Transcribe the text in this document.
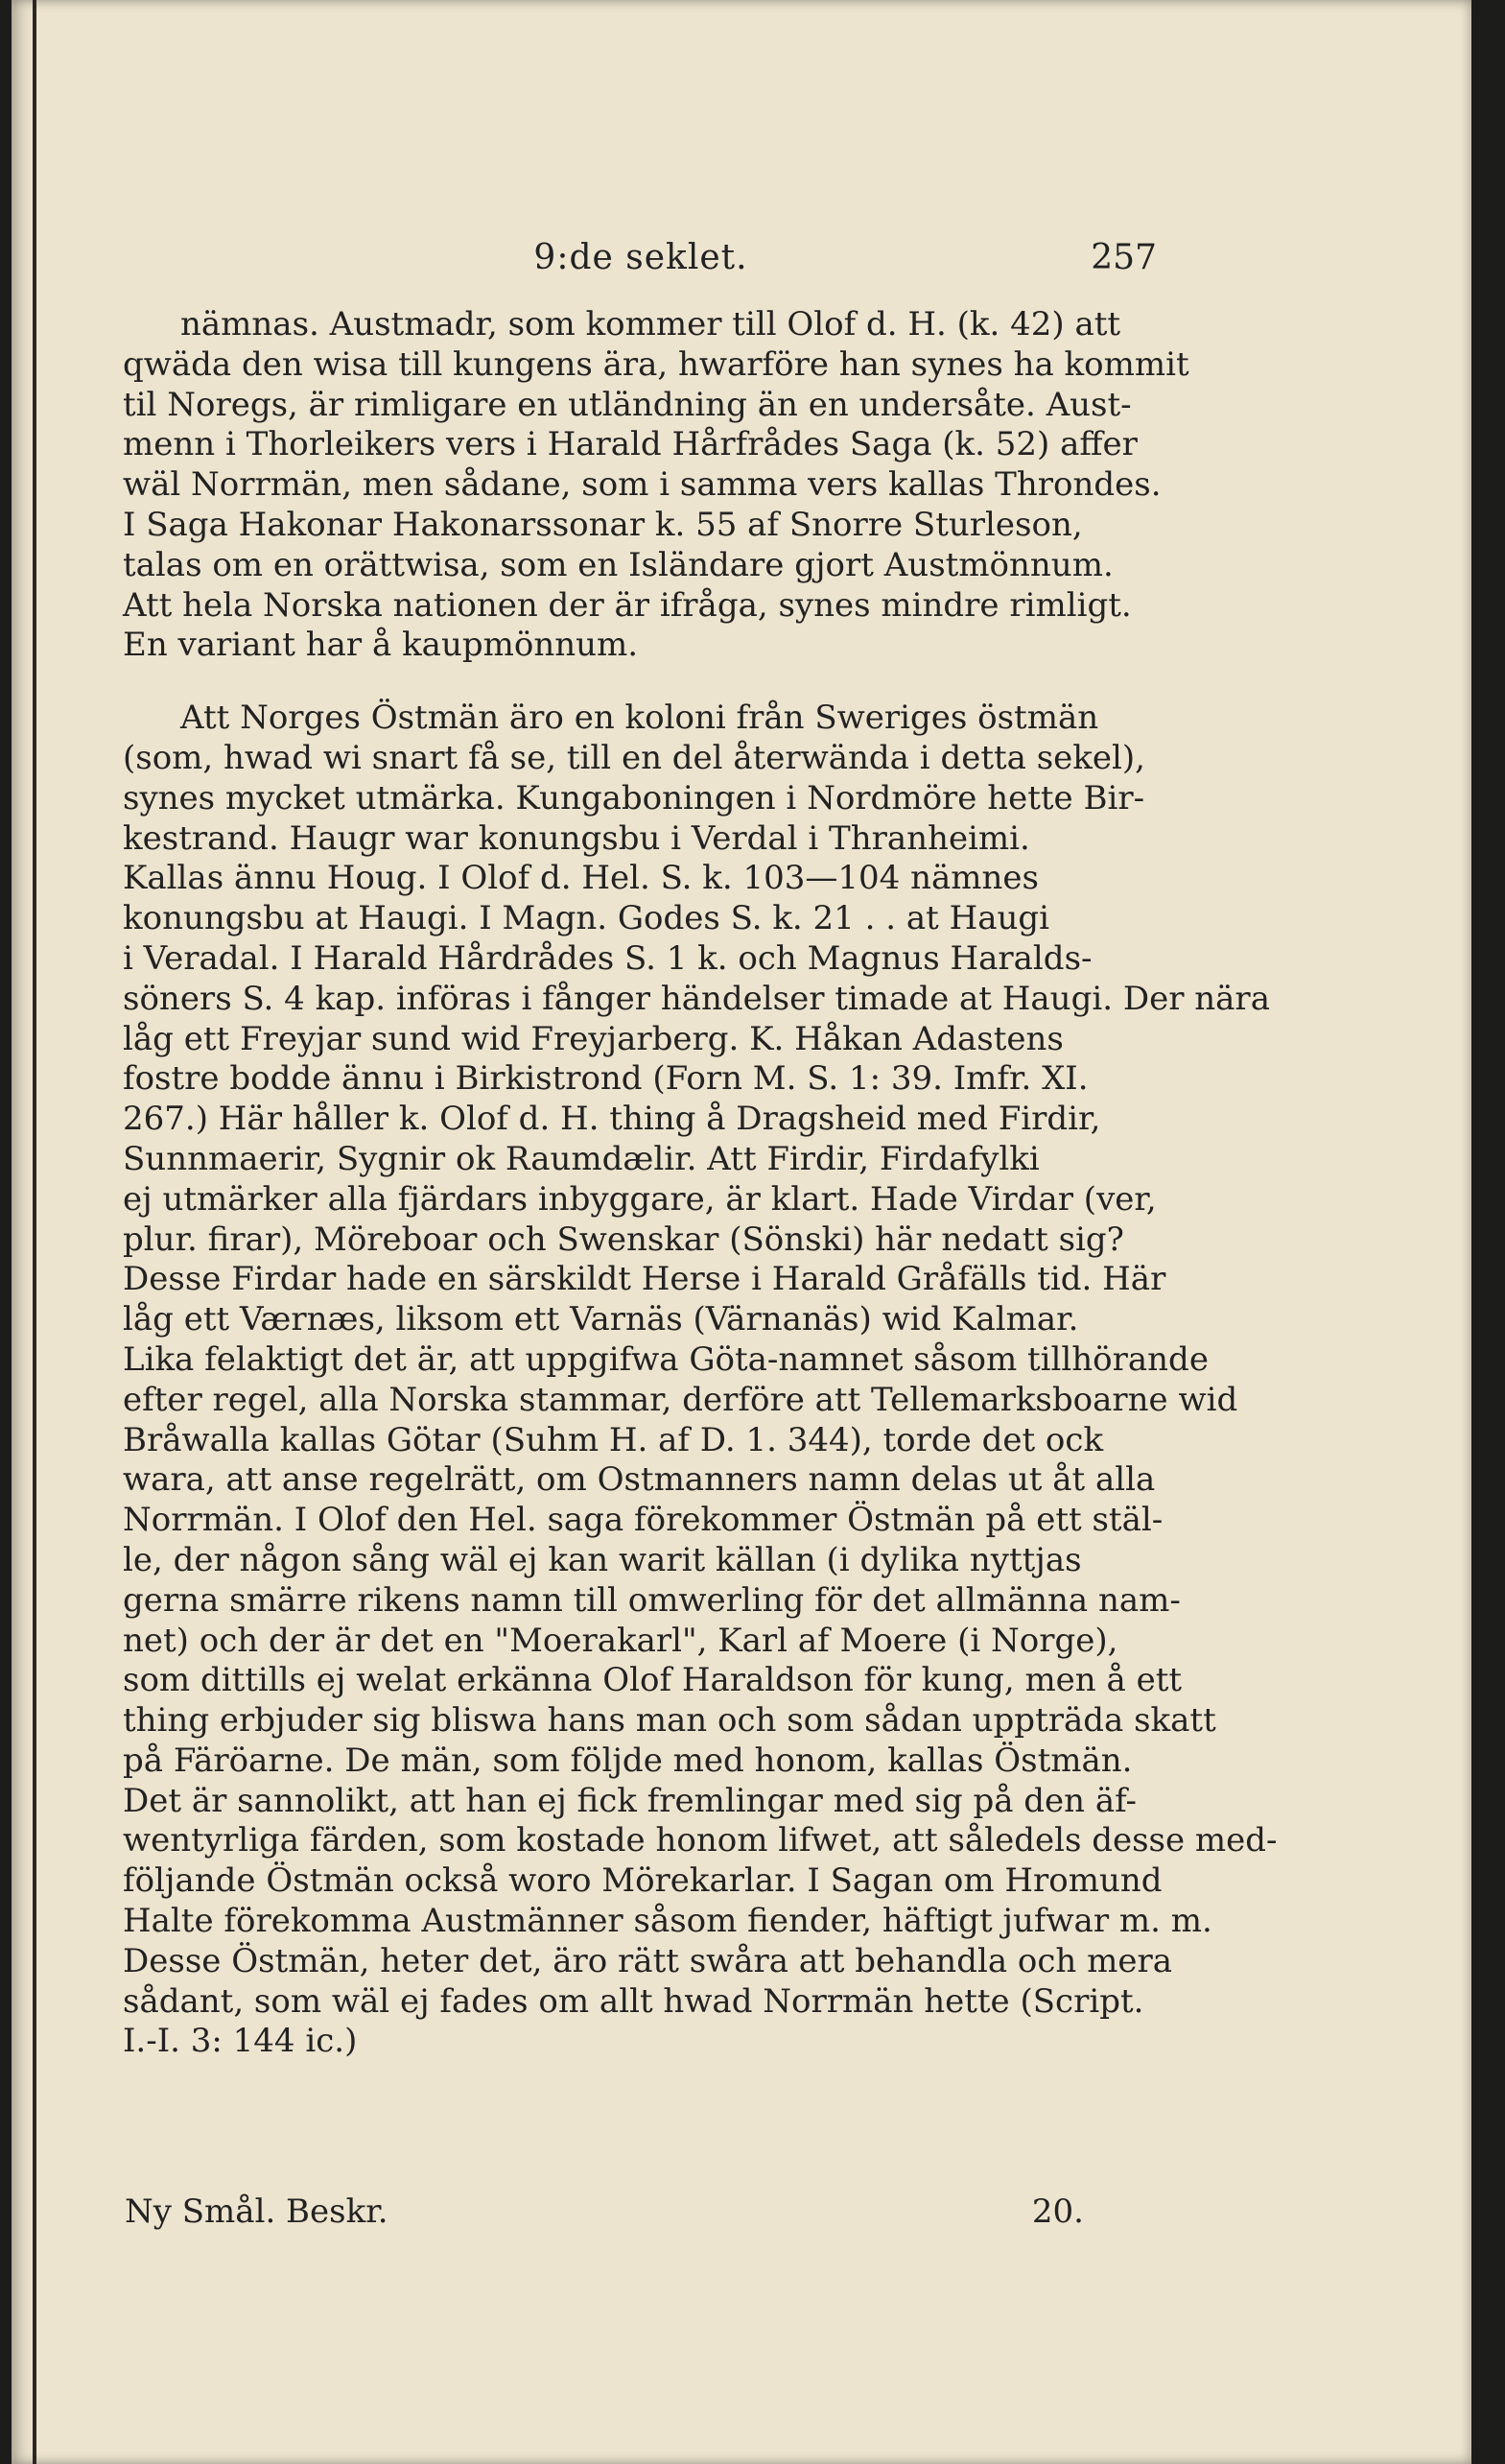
9:de seklet.	257
nämnas. Austmadr, som kommer till Olof d. H. (k. 42) att
qwäda den wisa till kungens ära, hwarföre han synes ha kommit
til Noregs, är rimligare en utländning än en undersåte. Aust-
menn i Thorleikers vers i Harald Hårfrådes Saga (k. 52) affer
wäl Norrmän, men sådane, som i samma vers kallas Throndes.
I Saga Hakonar Hakonarssonar k. 55 af Snorre Sturleson,
talas om en orättwisa, som en Isländare gjort Austmönnum.
Att hela Norska nationen der är ifråga, synes mindre rimligt.
En variant har å kaupmönnum.
Att Norges Östmän äro en koloni från Sweriges östmän
(som, hwad wi snart få se, till en del återwända i detta sekel),
synes mycket utmärka. Kungaboningen i Nordmöre hette Bir-
kestrand. Haugr war konungsbu i Verdal i Thranheimi.
Kallas ännu Houg. I Olof d. Hel. S. k. 103—104 nämnes
konungsbu at Haugi. I Magn. Godes S. k. 21 . . at Haugi
i Veradal. I Harald Hårdrådes S. 1 k. och Magnus Haralds-
söners S. 4 kap. införas i fånger händelser timade at Haugi. Der nära
låg ett Freyjar sund wid Freyjarberg. K. Håkan Adastens
fostre bodde ännu i Birkistrond (Forn M. S. 1: 39. Imfr. XI.
267.) Här håller k. Olof d. H. thing å Dragsheid med Firdir,
Sunnmaerir, Sygnir ok Raumdælir. Att Firdir, Firdafylki
ej utmärker alla fjärdars inbyggare, är klart. Hade Virdar (ver,
plur. firar), Möreboar och Swenskar (Sönski) här nedatt sig?
Desse Firdar hade en särskildt Herse i Harald Gråfälls tid. Här
låg ett Værnæs, liksom ett Varnäs (Värnanäs) wid Kalmar.
Lika felaktigt det är, att uppgifwa Göta-namnet såsom tillhörande
efter regel, alla Norska stammar, derföre att Tellemarksboarne wid
Bråwalla kallas Götar (Suhm H. af D. 1. 344), torde det ock
wara, att anse regelrätt, om Ostmanners namn delas ut åt alla
Norrmän. I Olof den Hel. saga förekommer Östmän på ett stäl-
le, der någon sång wäl ej kan warit källan (i dylika nyttjas
gerna smärre rikens namn till omwerling för det allmänna nam-
net) och der är det en "Moerakarl", Karl af Moere (i Norge),
som dittills ej welat erkänna Olof Haraldson för kung, men å ett
thing erbjuder sig bliswa hans man och som sådan uppträda skatt
på Färöarne. De män, som följde med honom, kallas Östmän.
Det är sannolikt, att han ej fick fremlingar med sig på den äf-
wentyrliga färden, som kostade honom lifwet, att såledels desse med-
följande Östmän också woro Mörekarlar. I Sagan om Hromund
Halte förekomma Austmänner såsom fiender, häftigt jufwar m. m.
Desse Östmän, heter det, äro rätt swåra att behandla och mera
sådant, som wäl ej fades om allt hwad Norrmän hette (Script.
I.-I. 3: 144 ic.)
Ny Smål. Beskr.	20.
